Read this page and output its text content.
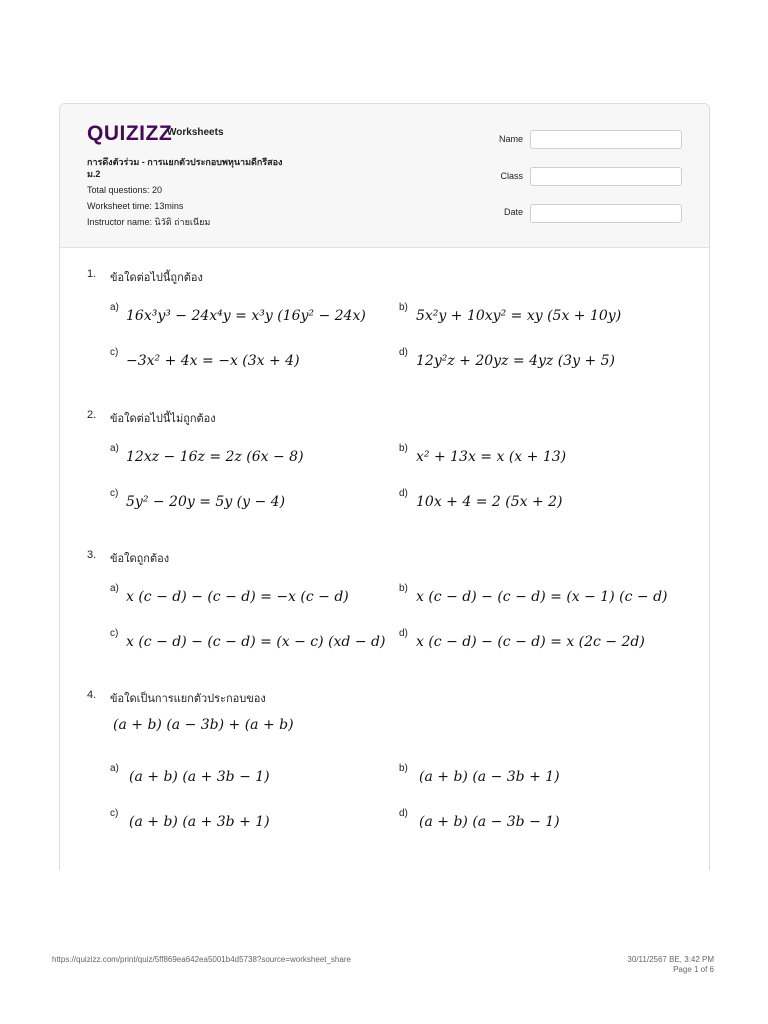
QUIZIZZ
Worksheets
การดึงตัวร่วม - การแยกตัวประกอบพหุนามดีกรีสอง ม.2
Total questions: 20
Worksheet time: 13mins
Instructor name: นิวัติ ถ่ายเนียม
Name
Class
Date
1. ข้อใดต่อไปนี้ถูกต้อง
a)
16x³y³ − 24x⁴y = x³y (16y² − 24x)
b)
5x²y + 10xy² = xy (5x + 10y)
c)
−3x² + 4x = −x (3x + 4)
d)
12y²z + 20yz = 4yz (3y + 5)
2. ข้อใดต่อไปนี้ไม่ถูกต้อง
a)
12xz − 16z = 2z (6x − 8)
b)
x² + 13x = x (x + 13)
c)
5y² − 20y = 5y (y − 4)
d)
10x + 4 = 2 (5x + 2)
3. ข้อใดถูกต้อง
a)
x (c − d) − (c − d) = −x (c − d)
b)
x (c − d) − (c − d) = (x − 1) (c − d)
c)
x (c − d) − (c − d) = (x − c) (xd − d)
d)
x (c − d) − (c − d) = x (2c − 2d)
4. ข้อใดเป็นการแยกตัวประกอบของ
(a + b) (a − 3b) + (a + b)
a)
(a + b) (a + 3b − 1)
b)
(a + b) (a − 3b + 1)
c)
(a + b) (a + 3b + 1)
d)
(a + b) (a − 3b − 1)
https://quizizz.com/print/quiz/5ff869ea642ea5001b4d5738?source=worksheet_share	30/11/2567 BE, 3:42 PM
Page 1 of 6
